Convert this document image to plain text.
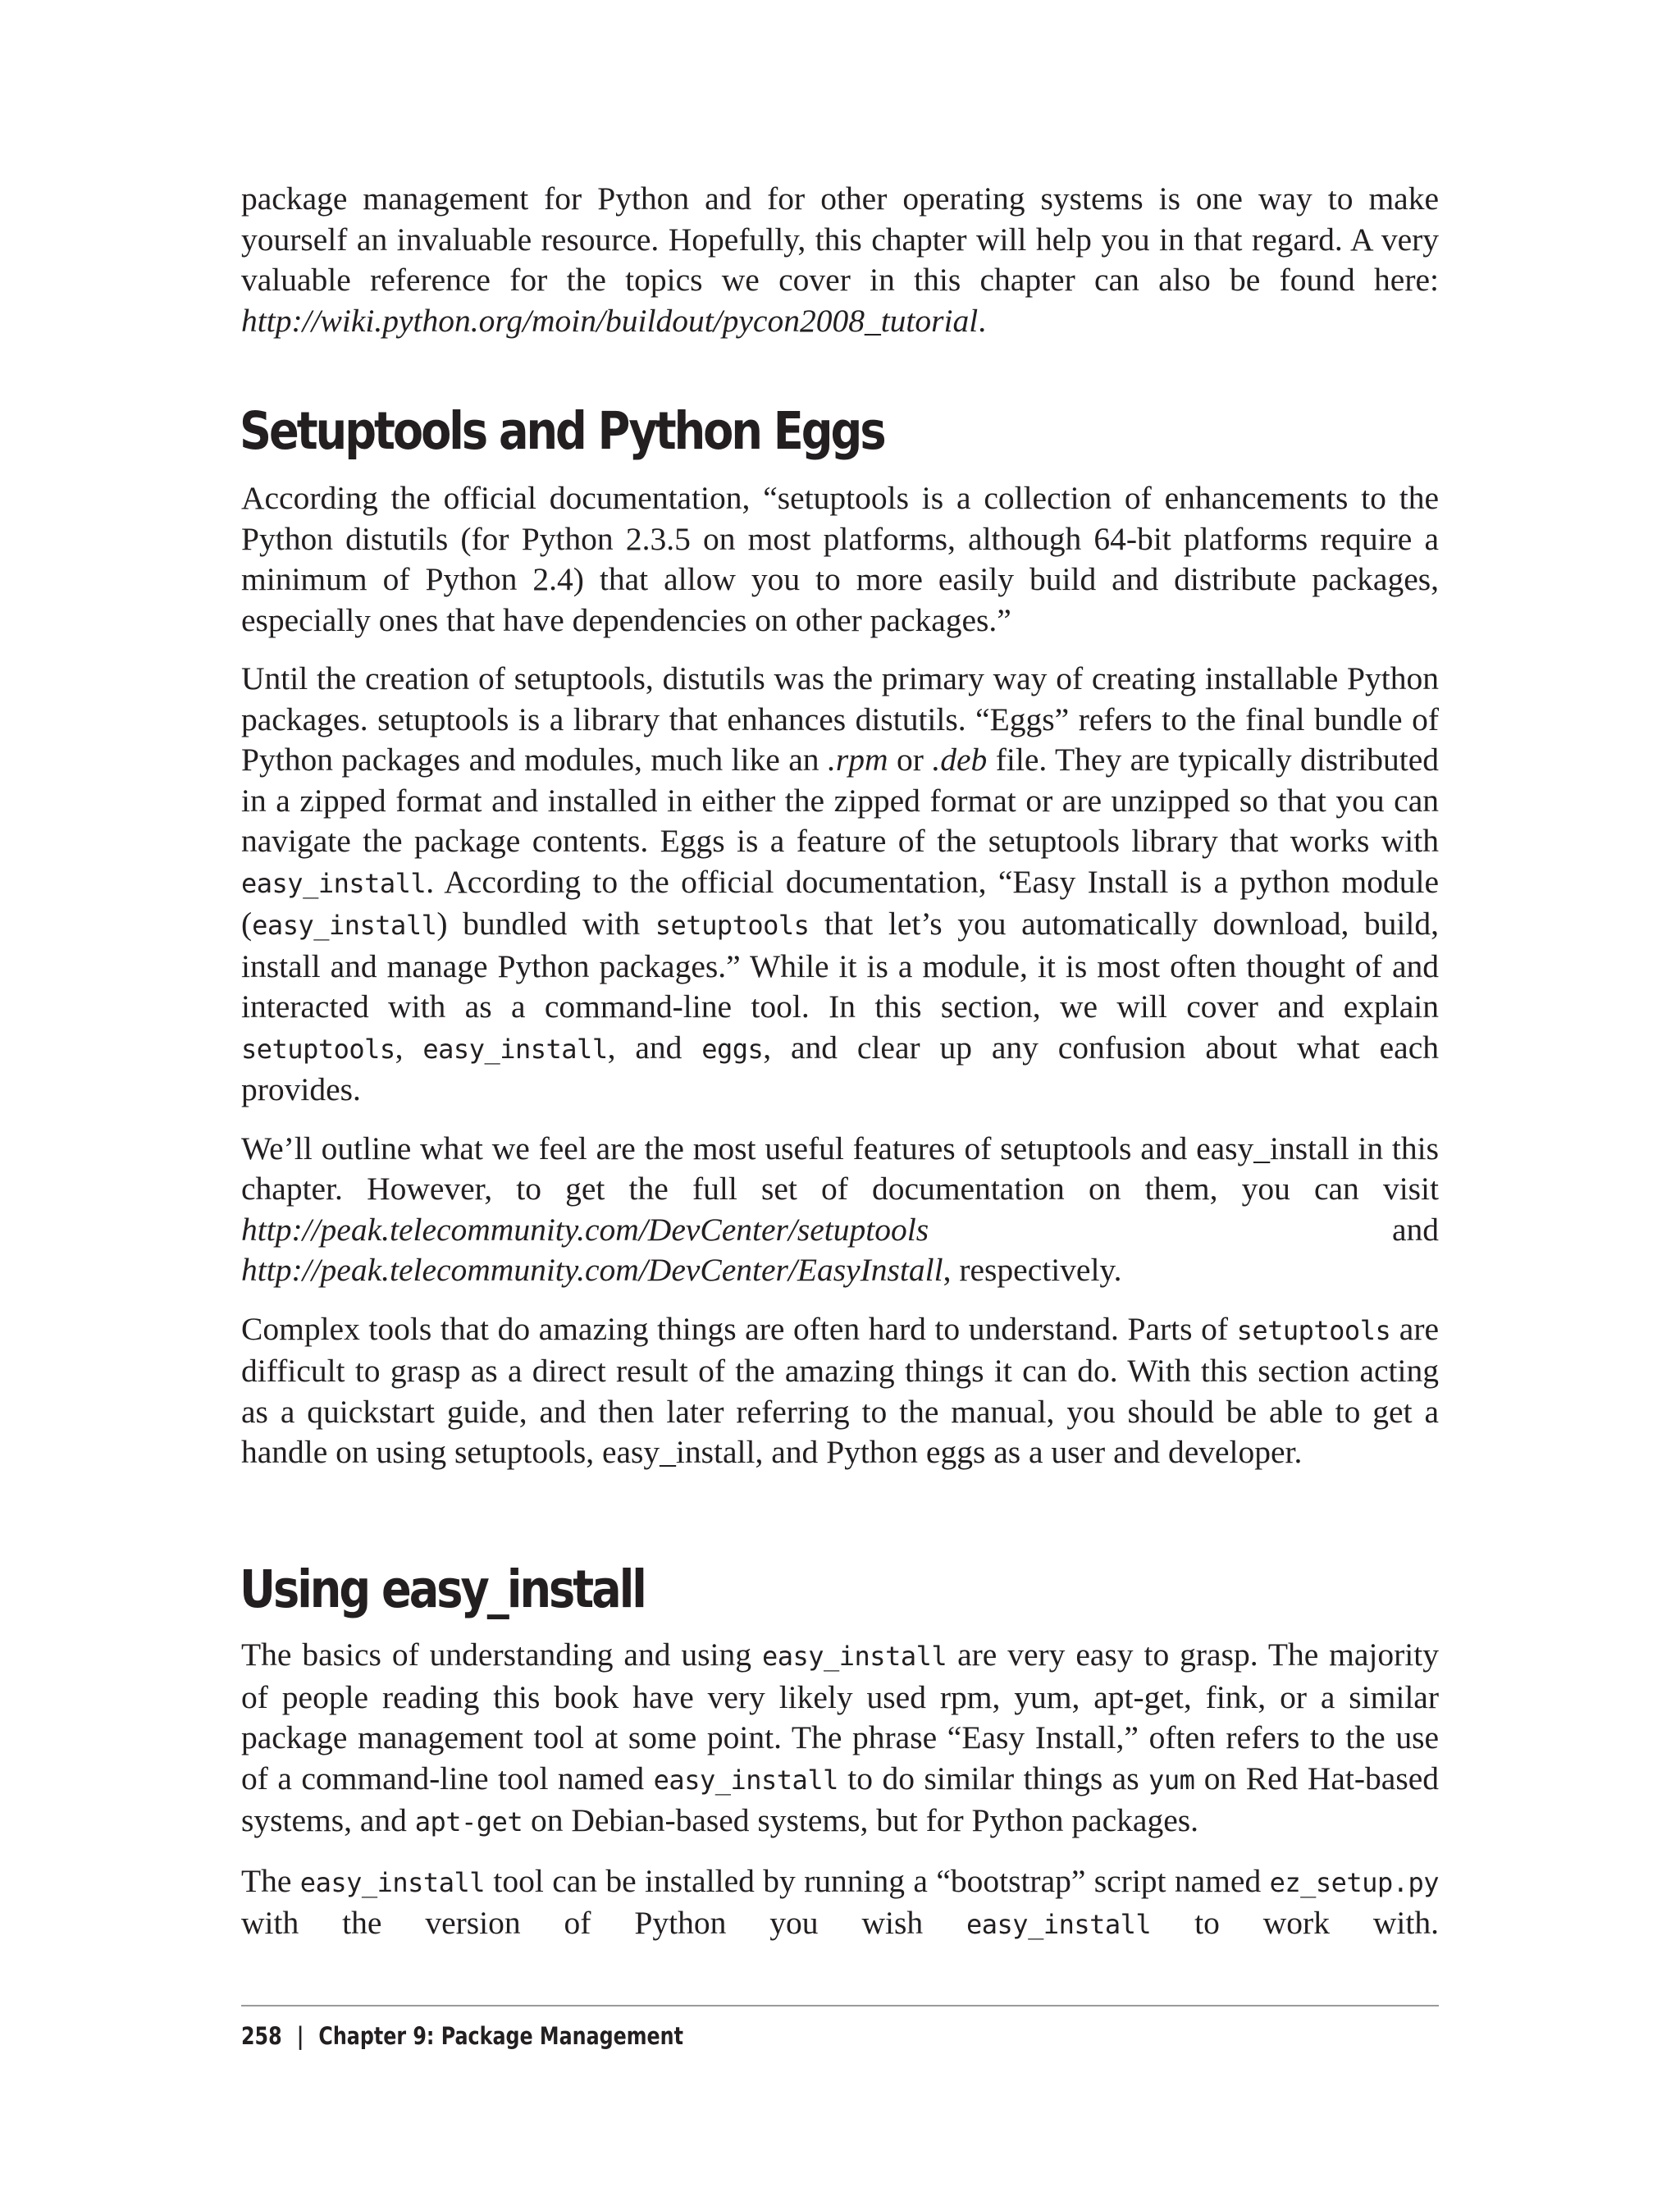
package management for Python and for other operating systems is one way to make yourself an invaluable resource. Hopefully, this chapter will help you in that regard. A very valuable reference for the topics we cover in this chapter can also be found here: http://wiki.python.org/moin/buildout/pycon2008_tutorial.

Setuptools and Python Eggs

According the official documentation, “setuptools is a collection of enhancements to the Python distutils (for Python 2.3.5 on most platforms, although 64-bit platforms require a minimum of Python 2.4) that allow you to more easily build and distribute packages, especially ones that have dependencies on other packages.”

Until the creation of setuptools, distutils was the primary way of creating installable Python packages. setuptools is a library that enhances distutils. “Eggs” refers to the final bundle of Python packages and modules, much like an .rpm or .deb file. They are typically distributed in a zipped format and installed in either the zipped format or are unzipped so that you can navigate the package contents. Eggs is a feature of the setuptools library that works with easy_install. According to the official documentation, “Easy Install is a python module (easy_install) bundled with setuptools that let’s you automatically download, build, install and manage Python packages.” While it is a module, it is most often thought of and interacted with as a command-line tool. In this section, we will cover and explain setuptools, easy_install, and eggs, and clear up any confusion about what each provides.

We’ll outline what we feel are the most useful features of setuptools and easy_install in this chapter. However, to get the full set of documentation on them, you can visit http://peak.telecommunity.com/DevCenter/setuptools and http://peak.telecommunity.com/DevCenter/EasyInstall, respectively.

Complex tools that do amazing things are often hard to understand. Parts of setuptools are difficult to grasp as a direct result of the amazing things it can do. With this section acting as a quickstart guide, and then later referring to the manual, you should be able to get a handle on using setuptools, easy_install, and Python eggs as a user and developer.

Using easy_install

The basics of understanding and using easy_install are very easy to grasp. The majority of people reading this book have very likely used rpm, yum, apt-get, fink, or a similar package management tool at some point. The phrase “Easy Install,” often refers to the use of a command-line tool named easy_install to do similar things as yum on Red Hat-based systems, and apt-get on Debian-based systems, but for Python packages.

The easy_install tool can be installed by running a “bootstrap” script named ez_setup.py with the version of Python you wish easy_install to work with.

258 | Chapter 9: Package Management
